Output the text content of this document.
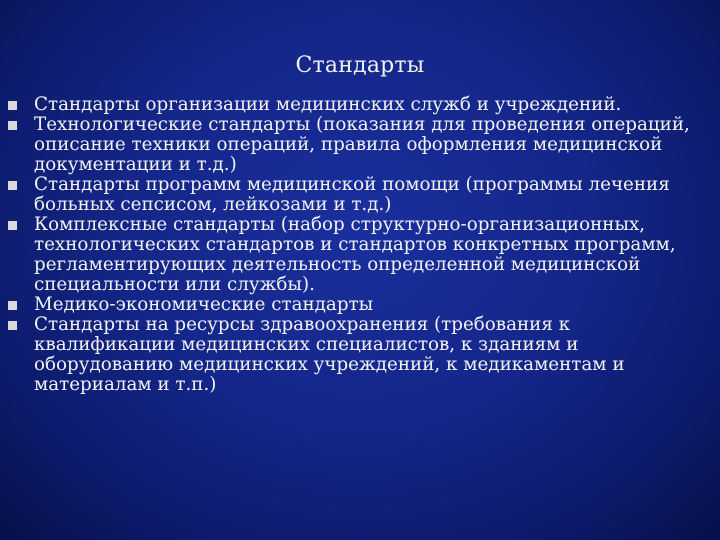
Стандарты
Стандарты организации медицинских служб и учреждений.
Технологические стандарты (показания для проведения операций, описание техники операций, правила оформления медицинской документации и т.д.)
Стандарты программ медицинской помощи (программы лечения больных сепсисом, лейкозами и т.д.)
Комплексные стандарты (набор структурно-организационных, технологических стандартов и стандартов конкретных программ, регламентирующих деятельность определенной медицинской специальности или службы).
Медико-экономические стандарты
Стандарты на ресурсы здравоохранения (требования к квалификации медицинских специалистов, к зданиям и оборудованию медицинских учреждений, к медикаментам и материалам и т.п.)
